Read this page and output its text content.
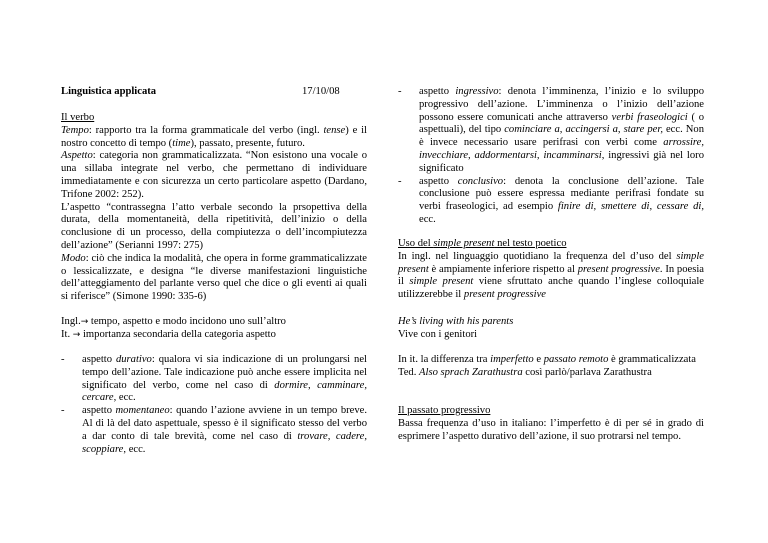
Linguistica applicata	17/10/08

Il verbo

Tempo: rapporto tra la forma grammaticale del verbo (ingl. tense) e il nostro concetto di tempo (time), passato, presente, futuro.

Aspetto: categoria non grammaticalizzata. “Non esistono una vocale o una sillaba integrate nel verbo, che permettano di individuare immediatamente e con sicurezza un certo particolare aspetto (Dardano, Trifone 2002: 252).

L’aspetto “contrassegna l’atto verbale secondo la prsopettiva della durata, della momentaneità, della ripetitività, dell’inizio o della conclusione di un processo, della compiutezza o dell’incompiutezza dell’azione” (Serianni 1997: 275)

Modo: ciò che indica la modalità, che opera in forme grammaticalizzate o lessicalizzate, e designa “le diverse manifestazioni linguistiche dell’atteggiamento del parlante verso quel che dice o gli eventi ai quali si riferisce” (Simone 1990: 335-6)

Ingl.→ tempo, aspetto e modo incidono uno sull’altro

It. → importanza secondaria della categoria aspetto

- aspetto durativo: qualora vi sia indicazione di un prolungarsi nel tempo dell’azione. Tale indicazione può anche essere implicita nel significato del verbo, come nel caso di dormire, camminare, cercare, ecc.
- aspetto momentaneo: quando l’azione avviene in un tempo breve. Al di là del dato aspettuale, spesso è il significato stesso del verbo a dar conto di tale brevità, come nel caso di trovare, cadere, scoppiare, ecc.
- aspetto ingressivo: denota l’imminenza, l’inizio e lo sviluppo progressivo dell’azione. L’imminenza o l’inizio dell’azione possono essere comunicati anche attraverso verbi fraseologici ( o aspettuali), del tipo cominciare a, accingersi a, stare per, ecc. Non è invece necessario usare perifrasi con verbi come arrossire, invecchiare, addormentarsi, incamminarsi, ingressivi già nel loro significato
- aspetto conclusivo: denota la conclusione dell’azione. Tale conclusione può essere espressa mediante perifrasi fondate su verbi fraseologici, ad esempio finire di, smettere di, cessare di, ecc.

Uso del simple present nel testo poetico

In ingl. nel linguaggio quotidiano la frequenza del d’uso del simple present è ampiamente inferiore rispetto al present progressive. In poesia il simple present viene sfruttato anche quando l’inglese colloquiale utilizzerebbe il present progressive

He’s living with his parents

Vive con i genitori

In it. la differenza tra imperfetto e passato remoto è grammaticalizzata

Ted. Also sprach Zarathustra così parlò/parlava Zarathustra

Il passato progressivo

Bassa frequenza d’uso in italiano: l’imperfetto è di per sé in grado di esprimere l’aspetto durativo dell’azione, il suo protrarsi nel tempo.
